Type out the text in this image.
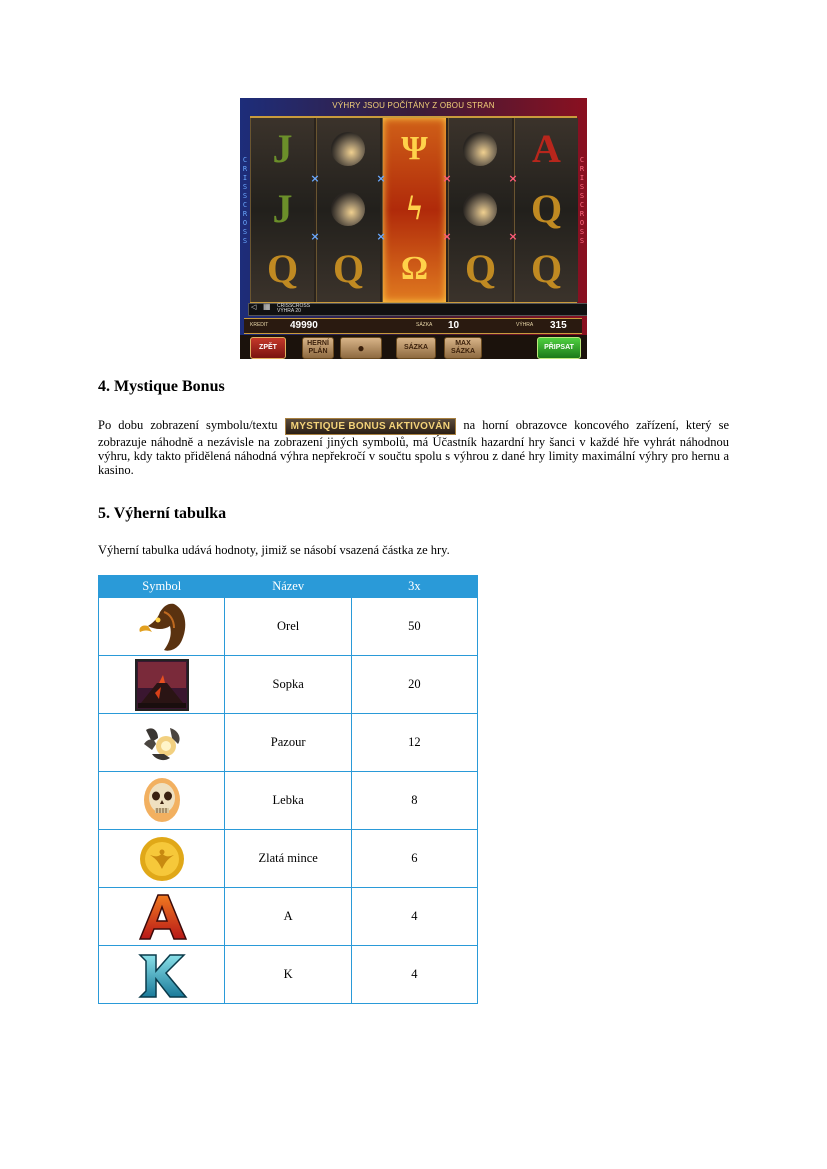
VÝHRY JSOU POČÍTÁNY Z OBOU STRAN
C
R
I
S
S
C
R
O
S
S
C
R
I
S
S
C
R
O
S
S
J
J
Q Q
Ψ
ϟ
Ω Q
A
Q
Q
×	×	×	×
×	×	×	×
◁ ▦ CRISSCROSS
VÝHRA 20
KREDIT 49990	SÁZKA 10	VÝHRA 315
ZPĚT
HERNÍ
PLÁN	●	SÁZKA
MAX
SÁZKA
PŘIPSAT
4. Mystique Bonus

Po dobu zobrazení symbolu/textu MYSTIQUE BONUS AKTIVOVÁN na horní obrazovce koncového zařízení, který se zobrazuje náhodně a nezávisle na zobrazení jiných symbolů, má Účastník hazardní hry šanci v každé hře vyhrát náhodnou výhru, kdy takto přidělená náhodná výhra nepřekročí v součtu spolu s výhrou z dané hry limity maximální výhry pro hernu a kasino.

5. Výherní tabulka

Výherní tabulka udává hodnoty, jimiž se násobí vsazená částka ze hry.

Symbol	Název	3x

	Orel	50

	Sopka	20

	Pazour	12

	Lebka	8

	Zlatá mince	6

	A	4

	K	4
